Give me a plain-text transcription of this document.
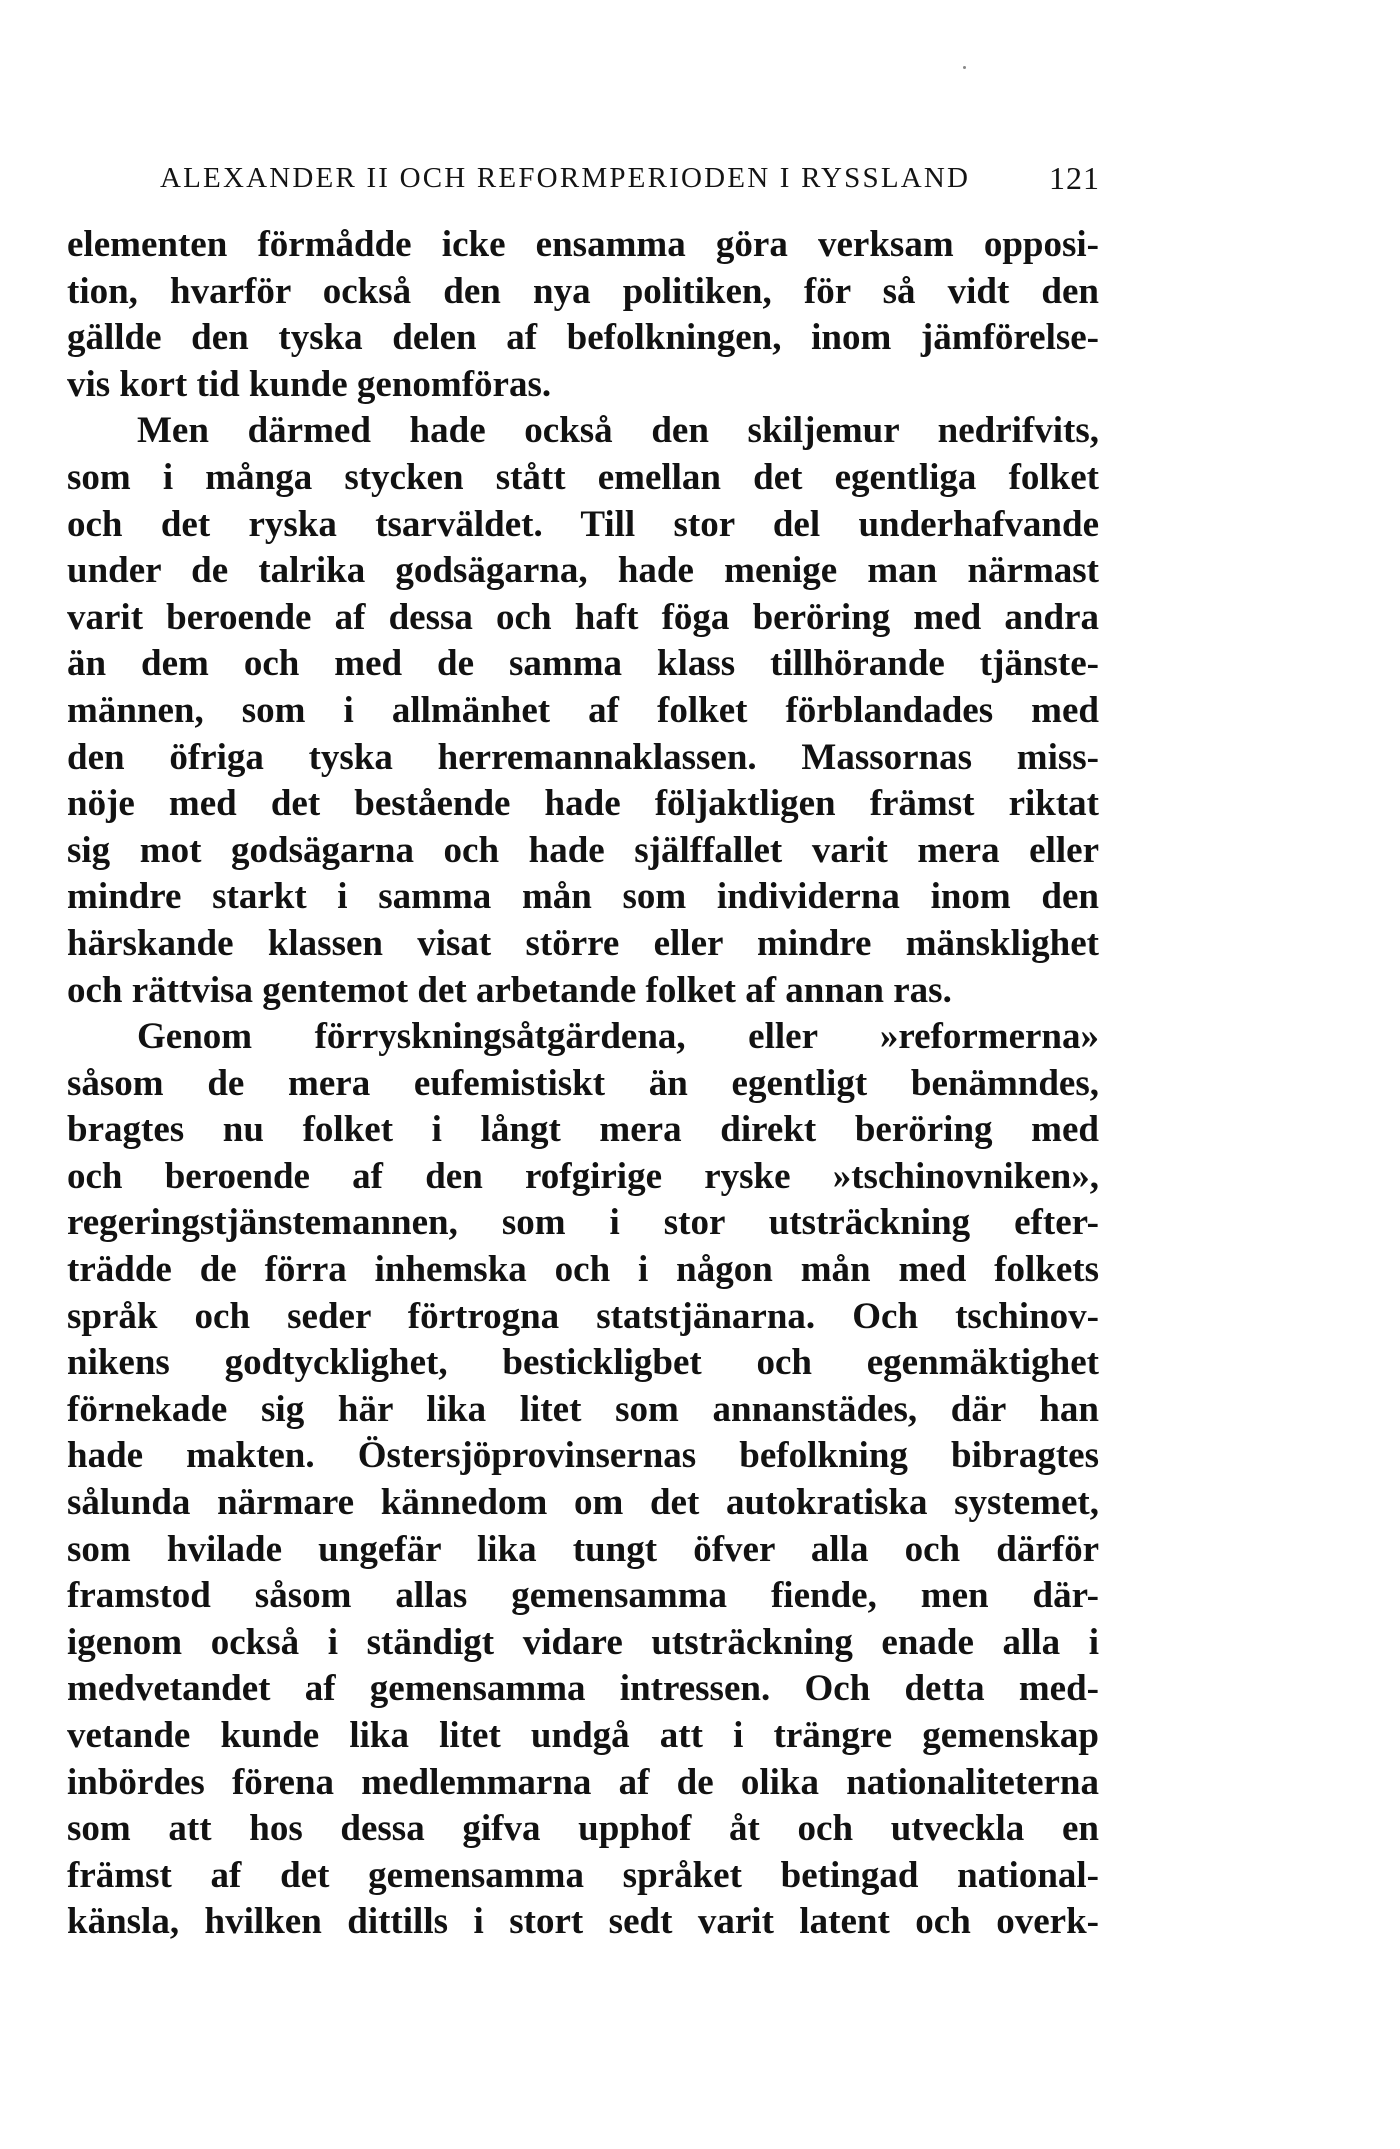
ALEXANDER II OCH REFORMPERIODEN I RYSSLAND 121
elementen förmådde icke ensamma göra verksam opposi-
tion, hvarför också den nya politiken, för så vidt den
gällde den tyska delen af befolkningen, inom jämförelse-
vis kort tid kunde genomföras.
Men därmed hade också den skiljemur nedrifvits,
som i många stycken stått emellan det egentliga folket
och det ryska tsarväldet. Till stor del underhafvande
under de talrika godsägarna, hade menige man närmast
varit beroende af dessa och haft föga beröring med andra
än dem och med de samma klass tillhörande tjänste-
männen, som i allmänhet af folket förblandades med
den öfriga tyska herremannaklassen. Massornas miss-
nöje med det bestående hade följaktligen främst riktat
sig mot godsägarna och hade själffallet varit mera eller
mindre starkt i samma mån som individerna inom den
härskande klassen visat större eller mindre mänsklighet
och rättvisa gentemot det arbetande folket af annan ras.
Genom förryskningsåtgärdena, eller »reformerna»
såsom de mera eufemistiskt än egentligt benämndes,
bragtes nu folket i långt mera direkt beröring med
och beroende af den rofgirige ryske »tschinovniken»,
regeringstjänstemannen, som i stor utsträckning efter-
trädde de förra inhemska och i någon mån med folkets
språk och seder förtrogna statstjänarna. Och tschinov-
nikens godtycklighet, bestickligbet och egenmäktighet
förnekade sig här lika litet som annanstädes, där han
hade makten. Östersjöprovinsernas befolkning bibragtes
sålunda närmare kännedom om det autokratiska systemet,
som hvilade ungefär lika tungt öfver alla och därför
framstod såsom allas gemensamma fiende, men där-
igenom också i ständigt vidare utsträckning enade alla i
medvetandet af gemensamma intressen. Och detta med-
vetande kunde lika litet undgå att i trängre gemenskap
inbördes förena medlemmarna af de olika nationaliteterna
som att hos dessa gifva upphof åt och utveckla en
främst af det gemensamma språket betingad national-
känsla, hvilken dittills i stort sedt varit latent och overk-
